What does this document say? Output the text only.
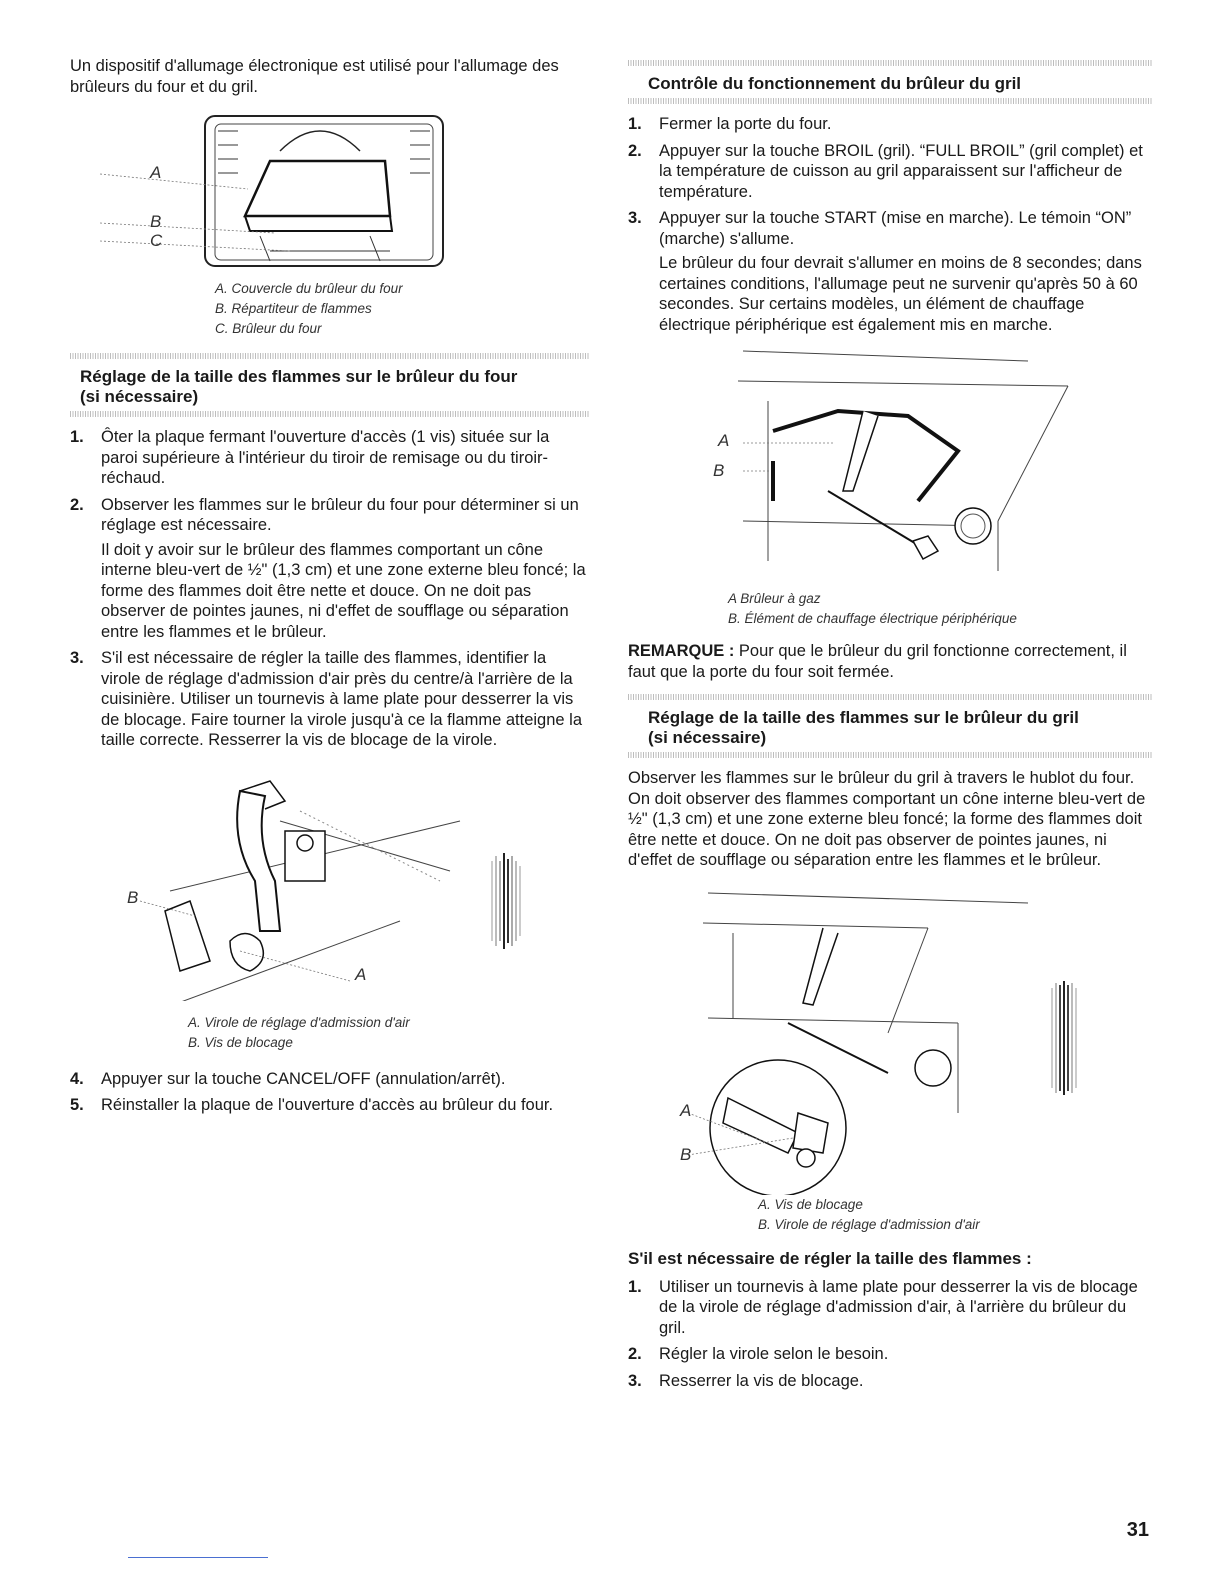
Un dispositif d'allumage électronique est utilisé pour l'allumage des brûleurs du four et du gril.

A
B
C
A. Couvercle du brûleur du four
B. Répartiteur de flammes
C. Brûleur du four
Réglage de la taille des flammes sur le brûleur du four
(si nécessaire)
1. Ôter la plaque fermant l'ouverture d'accès (1 vis) située sur la paroi supérieure à l'intérieur du tiroir de remisage ou du tiroir-réchaud.

2. Observer les flammes sur le brûleur du four pour déterminer si un réglage est nécessaire.

Il doit y avoir sur le brûleur des flammes comportant un cône interne bleu-vert de ½" (1,3 cm) et une zone externe bleu foncé; la forme des flammes doit être nette et douce. On ne doit pas observer de pointes jaunes, ni d'effet de soufflage ou séparation entre les flammes et le brûleur.

3. S'il est nécessaire de régler la taille des flammes, identifier la virole de réglage d'admission d'air près du centre/à l'arrière de la cuisinière. Utiliser un tournevis à lame plate pour desserrer la vis de blocage. Faire tourner la virole jusqu'à ce la flamme atteigne la taille correcte. Resserrer la vis de blocage de la virole.

B
A
A. Virole de réglage d'admission d'air
B. Vis de blocage
4. Appuyer sur la touche CANCEL/OFF (annulation/arrêt).

5. Réinstaller la plaque de l'ouverture d'accès au brûleur du four.

Contrôle du fonctionnement du brûleur du gril
1. Fermer la porte du four.

2. Appuyer sur la touche BROIL (gril). “FULL BROIL” (gril complet) et la température de cuisson au gril apparaissent sur l'afficheur de température.

3. Appuyer sur la touche START (mise en marche). Le témoin “ON” (marche) s'allume.

Le brûleur du four devrait s'allumer en moins de 8 secondes; dans certaines conditions, l'allumage peut ne survenir qu'après 50 à 60 secondes. Sur certains modèles, un élément de chauffage électrique périphérique est également mis en marche.

A
B
A Brûleur à gaz
B. Élément de chauffage électrique périphérique

REMARQUE : Pour que le brûleur du gril fonctionne correctement, il faut que la porte du four soit fermée.

Réglage de la taille des flammes sur le brûleur du gril
(si nécessaire)

Observer les flammes sur le brûleur du gril à travers le hublot du four. On doit observer des flammes comportant un cône interne bleu-vert de ½" (1,3 cm) et une zone externe bleu foncé; la forme des flammes doit être nette et douce. On ne doit pas observer de pointes jaunes, ni d'effet de soufflage ou séparation entre les flammes et le brûleur.

A
B
A. Vis de blocage
B. Virole de réglage d'admission d'air
S'il est nécessaire de régler la taille des flammes :
1. Utiliser un tournevis à lame plate pour desserrer la vis de blocage de la virole de réglage d'admission d'air, à l'arrière du brûleur du gril.

2. Régler la virole selon le besoin.

3. Resserrer la vis de blocage.

31
